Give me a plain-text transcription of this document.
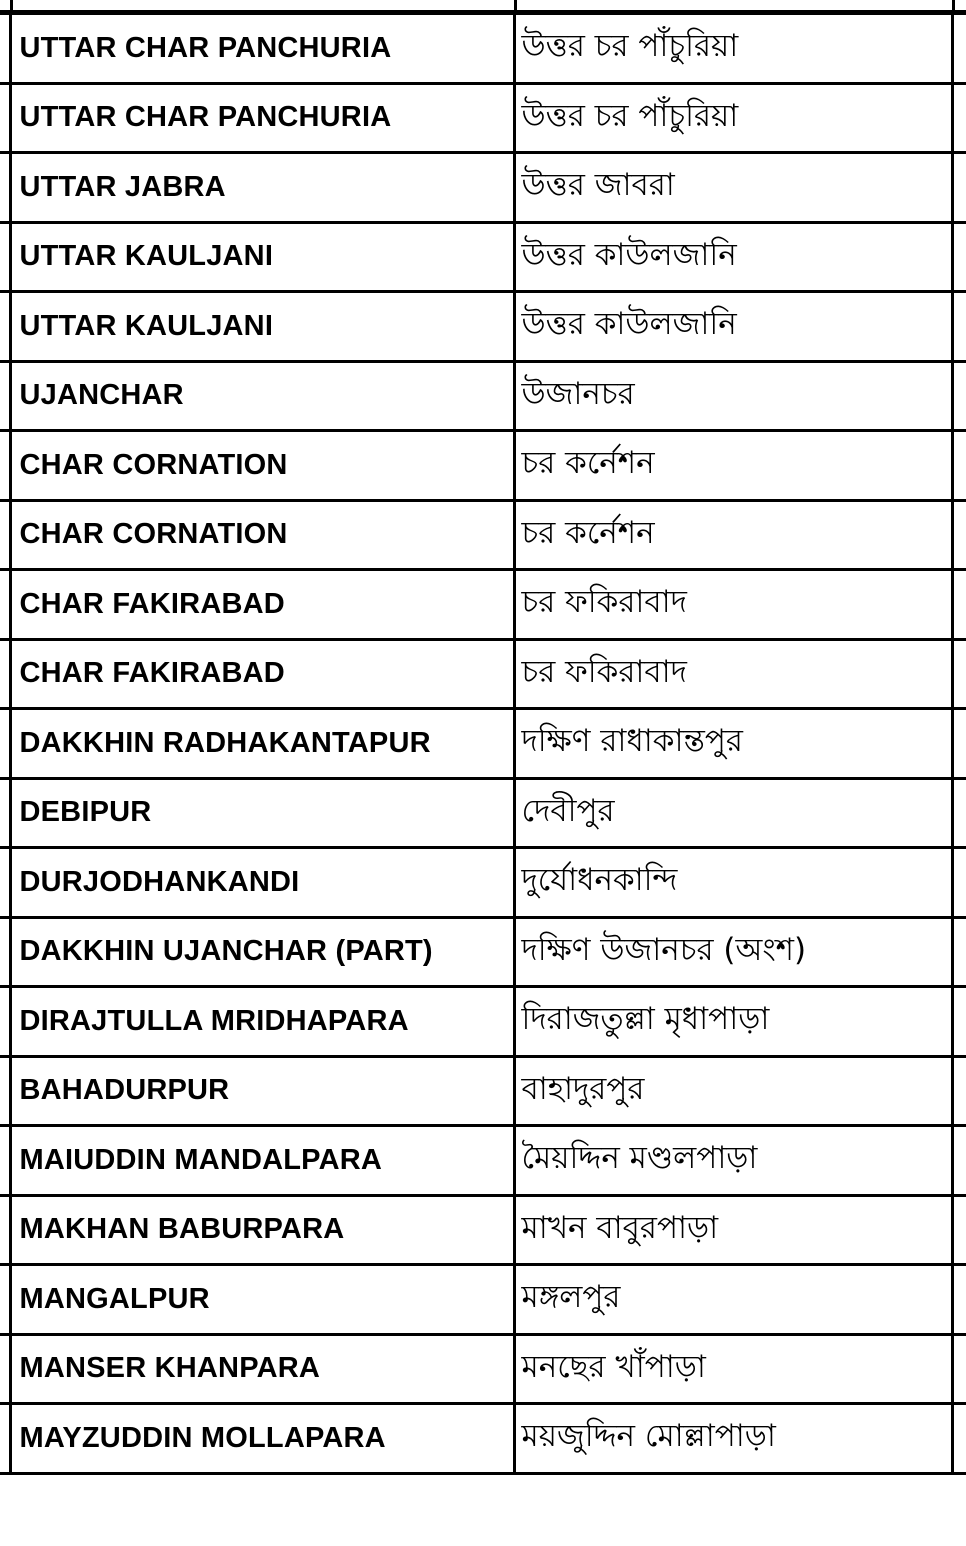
	UTTAR CHAR PANCHURIA	উত্তর চর পাঁচুরিয়া	
	UTTAR CHAR PANCHURIA	উত্তর চর পাঁচুরিয়া	
	UTTAR JABRA	উত্তর জাবরা	
	UTTAR KAULJANI	উত্তর কাউলজানি	
	UTTAR KAULJANI	উত্তর কাউলজানি	
	UJANCHAR	উজানচর	
	CHAR CORNATION	চর কর্নেশন	
	CHAR CORNATION	চর কর্নেশন	
	CHAR FAKIRABAD	চর ফকিরাবাদ	
	CHAR FAKIRABAD	চর ফকিরাবাদ	
	DAKKHIN RADHAKANTAPUR	দক্ষিণ রাধাকান্তপুর	
	DEBIPUR	দেবীপুর	
	DURJODHANKANDI	দুর্যোধনকান্দি	
	DAKKHIN UJANCHAR (PART)	দক্ষিণ উজানচর (অংশ)	
	DIRAJTULLA MRIDHAPARA	দিরাজতুল্লা মৃধাপাড়া	
	BAHADURPUR	বাহাদুরপুর	
	MAIUDDIN MANDALPARA	মৈয়দ্দিন মণ্ডলপাড়া	
	MAKHAN BABURPARA	মাখন বাবুরপাড়া	
	MANGALPUR	মঙ্গলপুর	
	MANSER KHANPARA	মনছের খাঁপাড়া	
	MAYZUDDIN MOLLAPARA	ময়জুদ্দিন মোল্লাপাড়া	
